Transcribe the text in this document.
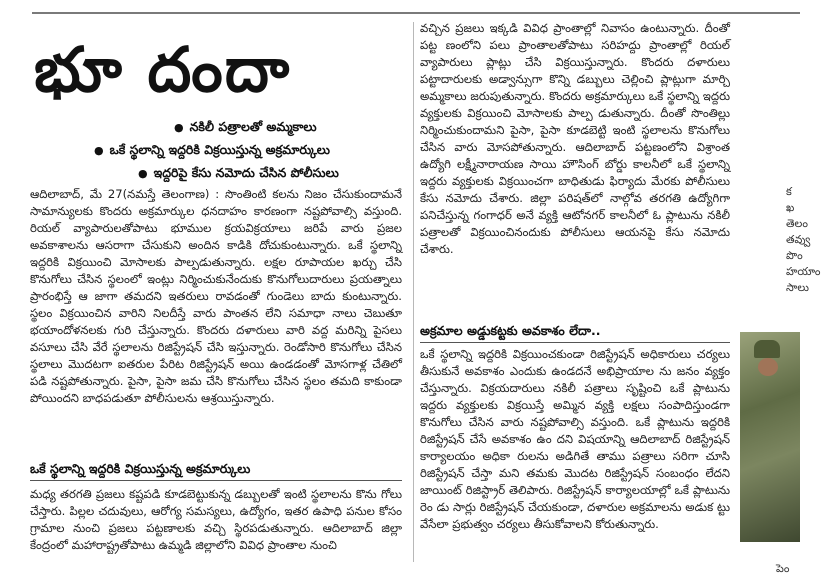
భూ దందా
● నకిలీ పత్రాలతో అమ్మకాలు
● ఒకే స్థలాన్ని ఇద్దరికి విక్రయిస్తున్న అక్రమార్కులు
● ఇద్దరిపై కేసు నమోదు చేసిన పోలీసులు

ఆదిలాబాద్, మే 27(నమస్తే తెలంగాణ) : సొంతింటి కలను నిజం చేసుకుందామనే సామాన్యులకు కొందరు అక్రమార్కుల ధనదాహం కారణంగా నష్టపోవాల్సి వస్తుంది. రియల్ వ్యాపారులతోపాటు భూముల క్రయవిక్రయాలు జరిపే వారు ప్రజల అవకాశాలను ఆసరాగా చేసుకుని అందిన కాడికి దోచుకుంటున్నారు. ఒకే స్థలాన్ని ఇద్దరికి విక్రయించి మోసాలకు పాల్పడుతున్నారు. లక్షల రూపాయల ఖర్చు చేసి కొనుగోలు చేసిన స్థలంలో ఇంట్లు నిర్మించుకునేందుకు కొనుగోలుదారులు ప్రయత్నాలు ప్రారంభిస్తే ఆ జాగా తమదని ఇతరులు రావడంతో గుండెలు బాదు కుంటున్నారు. స్థలం విక్రయించిన వారిని నిలదీస్తే వారు పాంతన లేని సమాధా నాలు చెబుతూ భయాందోళనలకు గురి చేస్తున్నారు. కొందరు దళారులు వారి వద్ద మరిన్ని పైసలు వసూలు చేసి వేరే స్థలాలను రిజిస్ట్రేషన్ చేసి ఇస్తున్నారు. రెండోసారి కొనుగోలు చేసిన స్థలాలు మొదటగా ఐతరుల పేరిట రిజిస్ట్రేషన్ అయి ఉండడంతో మోసగాళ్ల చేతిలో పడి నష్టపోతున్నారు. పైసా, పైసా జమ చేసి కొనుగోలు చేసిన స్థలం తమది కాకుండా పోయిందని బాధపడుతూ పోలీసులను ఆశ్రయిస్తున్నారు.

ఒకే స్థలాన్ని ఇద్దరికి విక్రయిస్తున్న అక్రమార్కులు

మధ్య తరగతి ప్రజలు కష్టపడి కూడబెట్టుకున్న డబ్బులతో ఇంటి స్థలాలను కొను గోలు చేస్తారు. పిల్లల చదువులు, ఆరోగ్య సమస్యలు, ఉద్యోగం, ఇతర ఉపాధి పనుల కోసం గ్రామాల నుంచి ప్రజలు పట్టణాలకు వచ్చి స్థిరపడుతున్నారు. ఆదిలాబాద్ జిల్లా కేంద్రంలో మహారాష్ట్రతోపాటు ఉమ్మడి జిల్లాలోని వివిధ ప్రాంతాల నుంచి

వచ్చిన ప్రజలు ఇక్కడి వివిధ ప్రాంతాల్లో నివాసం ఉంటున్నారు. దీంతో పట్ట ణంలోని పలు ప్రాంతాలతోపాటు సరిహద్దు ప్రాంతాల్లో రియల్ వ్యాపారులు ప్లాట్లు చేసి విక్రయిస్తున్నారు. కొందరు దళారులు పట్టాదారులకు అడ్వాన్సుగా కొన్ని డబ్బులు చెల్లించి ప్లాట్లుగా మార్చి అమ్మకాలు జరుపుతున్నారు. కొందరు అక్రమార్కులు ఒకే స్థలాన్ని ఇద్దరు వ్యక్తులకు విక్రయించి మోసాలకు పాల్ప డుతున్నారు. దీంతో సొంతిల్లు నిర్మించుకుందామని పైసా, పైసా కూడబెట్టి ఇంటి స్థలాలను కొనుగోలు చేసిన వారు మోసపోతున్నారు. ఆదిలాబాద్ పట్టణంలోని విశ్రాంత ఉద్యోగి లక్ష్మీనారాయణ సాయి హౌసింగ్ బోర్డు కాలనీలో ఒకే స్థలాన్ని ఇద్దరు వ్యక్తులకు విక్రయించగా బాధితుడు ఫిర్యాదు మేరకు పోలీసులు కేసు నమోదు చేశారు. జిల్లా పరిషత్‌లో నాల్గోవ తరగతి ఉద్యోగిగా పనిచేస్తున్న గంగాధర్ అనే వ్యక్తి ఆటోనగర్ కాలనీలో ఓ ప్లాటును నకిలీ పత్రాలతో విక్రయించినందుకు పోలీసులు ఆయనపై కేసు నమోదు చేశారు.

అక్రమాల అడ్డుకట్టకు అవకాశం లేదా..

ఒకే స్థలాన్ని ఇద్దరికి విక్రయించకుండా రిజిస్ట్రేషన్ అధికారులు చర్యలు తీసుకునే అవకాశం ఎందుకు ఉండదనే అభిప్రాయాల ను జనం వ్యక్తం చేస్తున్నారు. విక్రయదారులు నకిలీ పత్రాలు సృష్టించి ఒకే ప్లాటును ఇద్దరు వ్యక్తులకు విక్రయిస్తే అమ్మిన వ్యక్తి లక్షలు సంపాదిస్తుండగా కొనుగోలు చేసిన వారు నష్టపోవాల్సి వస్తుంది. ఒకే ప్లాటును ఇద్దరికి రిజిస్ట్రేషన్ చేసే అవకాశం ఉం దని విషయాన్ని ఆదిలాబాద్ రిజిస్ట్రేషన్ కార్యాలయం అధికా రులను అడిగితే తాము పత్రాలు సరిగా చూసి రిజిస్ట్రేషన్ చేస్తా మని తమకు మొదట రిజిస్ట్రేషన్ సంబంధం లేదని జాయింట్ రిజిస్ట్రార్ తెలిపారు. రిజిస్ట్రేషన్ కార్యాలయాల్లో ఒకే ప్లాటును రెం డు సార్లు రిజిస్ట్రేషన్ చేయకుండా, దళారుల అక్రమాలను అడుక ట్టు వేసేలా ప్రభుత్వం చర్యలు తీసుకోవాలని కోరుతున్నారు.

క
ఖ
తెలం
తవ్వు
పొం
హయాం
సాలు
పెం
